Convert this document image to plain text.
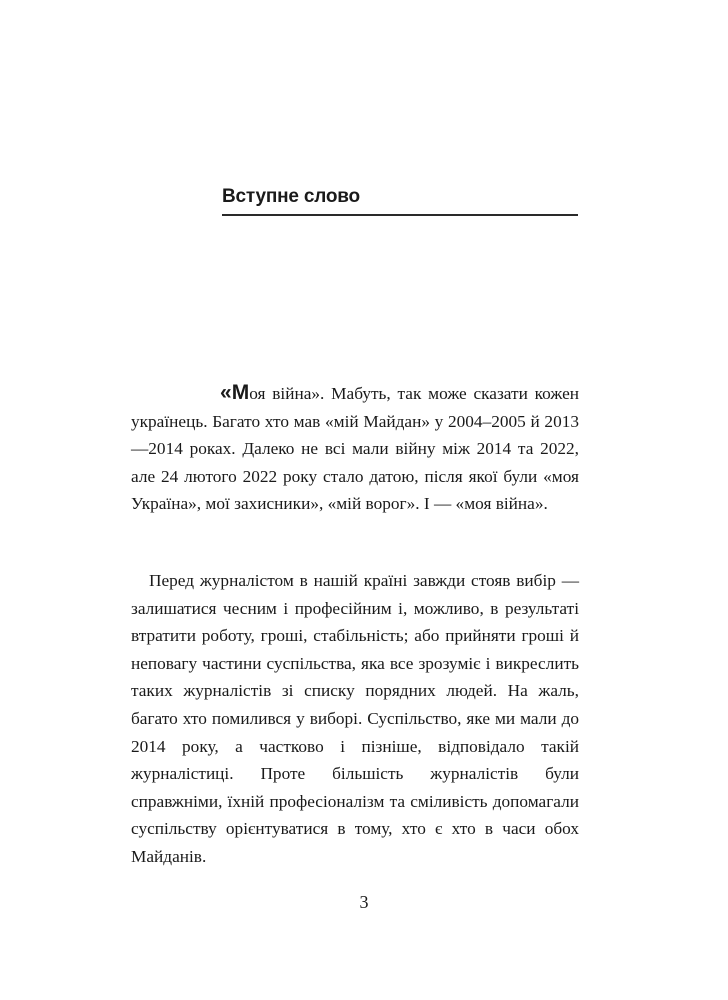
Вступне слово

«Моя війна». Мабуть, так може сказати кожен українець. Багато хто мав «мій Майдан» у 2004–2005 й 2013—2014 роках. Далеко не всі мали війну між 2014 та 2022, але 24 лютого 2022 року стало датою, після якої були «моя Україна», мої захисники», «мій ворог». І — «моя війна».

Перед журналістом в нашій країні завжди стояв вибір — залишатися чесним і професійним і, можливо, в результаті втратити роботу, гроші, стабільність; або прийняти гроші й неповагу частини суспільства, яка все зрозуміє і викреслить таких журналістів зі списку порядних людей. На жаль, багато хто помилився у виборі. Суспільство, яке ми мали до 2014 року, а частково і пізніше, відповідало такій журналістиці. Проте більшість журналістів були справжніми, їхній професіоналізм та сміливість допомагали суспільству орієнтуватися в тому, хто є хто в часи обох Майданів.

3
